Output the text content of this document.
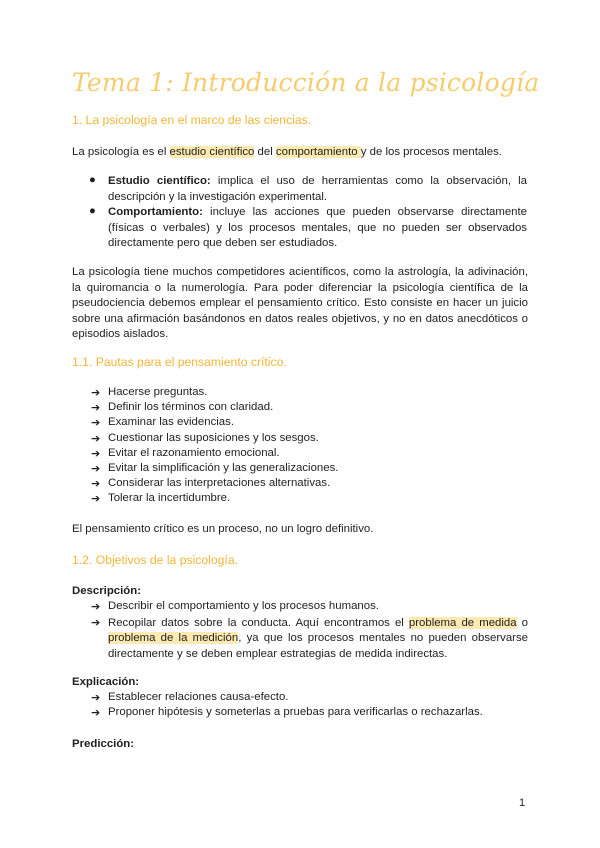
Tema 1: Introducción a la psicología
1. La psicología en el marco de las ciencias.
La psicología es el estudio científico del comportamiento y de los procesos mentales.
●	Estudio científico: implica el uso de herramientas como la observación, la descripción y la investigación experimental.
●	Comportamiento: incluye las acciones que pueden observarse directamente (físicas o verbales) y los procesos mentales, que no pueden ser observados directamente pero que deben ser estudiados.
La psicología tiene muchos competidores acientíficos, como la astrología, la adivinación, la quiromancia o la numerología. Para poder diferenciar la psicología científica de la pseudociencia debemos emplear el pensamiento crítico. Esto consiste en hacer un juicio sobre una afirmación basándonos en datos reales objetivos, y no en datos anecdóticos o episodios aislados.
1.1. Pautas para el pensamiento crítico.
➔ Hacerse preguntas.
➔ Definir los términos con claridad.
➔ Examinar las evidencias.
➔ Cuestionar las suposiciones y los sesgos.
➔ Evitar el razonamiento emocional.
➔ Evitar la simplificación y las generalizaciones.
➔ Considerar las interpretaciones alternativas.
➔ Tolerar la incertidumbre.
El pensamiento crítico es un proceso, no un logro definitivo.
1.2. Objetivos de la psicología.
Descripción:
➔ Describir el comportamiento y los procesos humanos.
➔ Recopilar datos sobre la conducta. Aquí encontramos el problema de medida o problema de la medición, ya que los procesos mentales no pueden observarse directamente y se deben emplear estrategias de medida indirectas.
Explicación:
➔ Establecer relaciones causa-efecto.
➔ Proponer hipótesis y someterlas a pruebas para verificarlas o rechazarlas.
Predicción:
1
